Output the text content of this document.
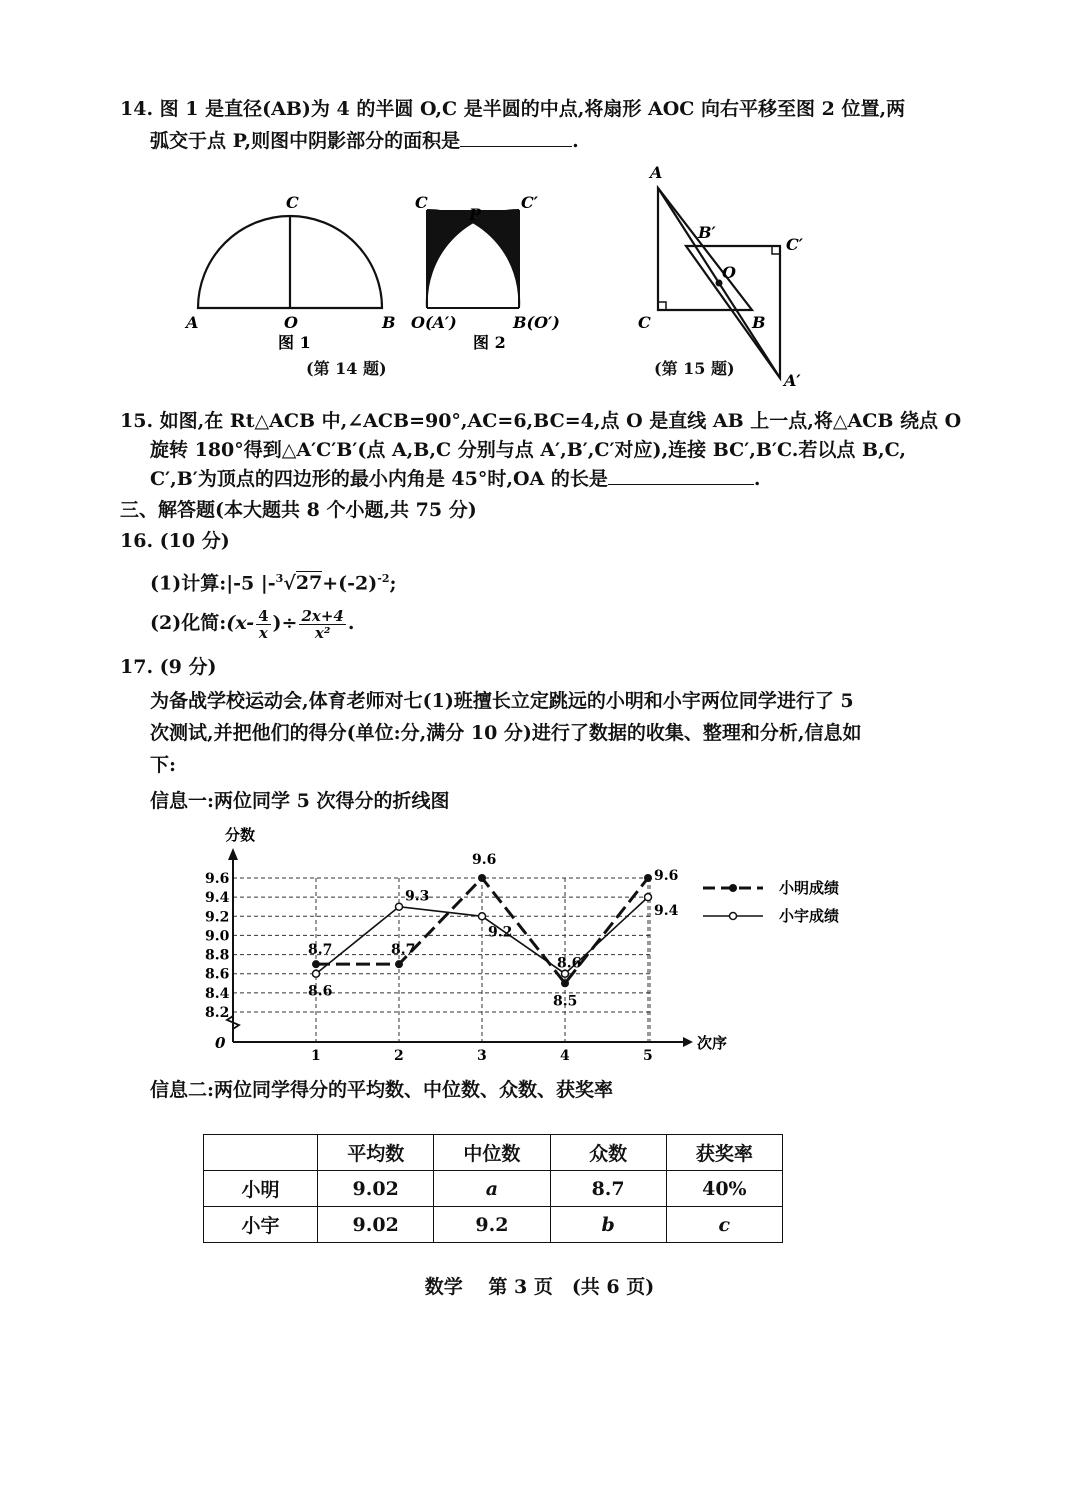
14. 图 1 是直径(AB)为 4 的半圆 O,C 是半圆的中点,将扇形 AOC 向右平移至图 2 位置,两
弧交于点 P,则图中阴影部分的面积是	.
C
A	O	B
图 1
C
P
C′
O(A′)	B(O′)
图 2
(第 14 题)
A
B′
C′
O
C	B
A′
(第 15 题)
15. 如图,在 Rt△ACB 中,∠ACB=90°,AC=6,BC=4,点 O 是直线 AB 上一点,将△ACB 绕点 O
旋转 180°得到△A′C′B′(点 A,B,C 分别与点 A′,B′,C′对应),连接 BC′,B′C.若以点 B,C,
C′,B′为顶点的四边形的最小内角是 45°时,OA 的长是	.
三、解答题(本大题共 8 个小题,共 75 分)
16. (10 分)
(1)计算:|-5 $|-^3√27+(-2)^{-2}$;
(2)化简:(x- $\frac{4}{x}$ )÷ $\frac{2x+4}{\text{x²}}$ .
17. (9 分)
为备战学校运动会,体育老师对七(1)班擅长立定跳远的小明和小宇两位同学进行了 5
次测试,并把他们的得分(单位:分,满分 10 分)进行了数据的收集、整理和分析,信息如
下:
信息一:两位同学 5 次得分的折线图
分数
次序
0
8.2
8.4
8.6
8.8
9.0
9.2
9.4
9.6
1	2	3	4	5
8.7	8.7
9.6
8.5
9.6
8.6
9.3
9.2
8.6
9.4
小明成绩
小宇成绩
信息二:两位同学得分的平均数、中位数、众数、获奖率
	平均数	中位数	众数	获奖率
小明	9.02	a	8.7	40%
小宇	9.02	9.2	b	c
数学　 第 3 页　(共 6 页)
